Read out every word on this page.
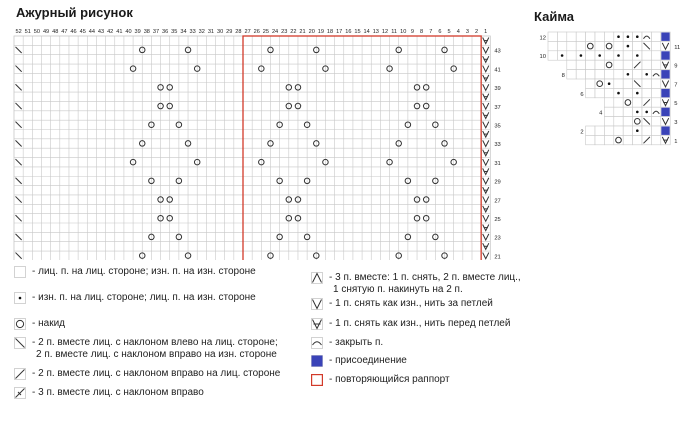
Ажурный рисунок	Кайма
52 51 50 49 48 47 46 45 44 43 42 41 40 39 38 37 36 35 34 33 32 31 30 29 28 27 26 25 24 23 22 21 20 19 18 17 16 15 14 13 12 11 10 9 8 7 6 5 4 3 2 1
43
41
39
37
35
33
31
29
27
25
23
21
11
9
7
5
3
1
12
10
8
6
4
2
- лиц. п. на лиц. стороне; изн. п. на изн. стороне
- изн. п. на лиц. стороне; лиц. п. на изн. стороне
- накид
- 2 п. вместе лиц. с наклоном влево на лиц. стороне;
2 п. вместе лиц. с наклоном вправо на изн. стороне
- 2 п. вместе лиц. с наклоном вправо на лиц. стороне
- 3 п. вместе лиц. с наклоном вправо
- 3 п. вместе: 1 п. снять, 2 п. вместе лиц.,
1 снятую п. накинуть на 2 п.
- 1 п. снять как изн., нить за петлей
- 1 п. снять как изн., нить перед петлей
- закрыть п.
- присоединение
- повторяющийся раппорт
